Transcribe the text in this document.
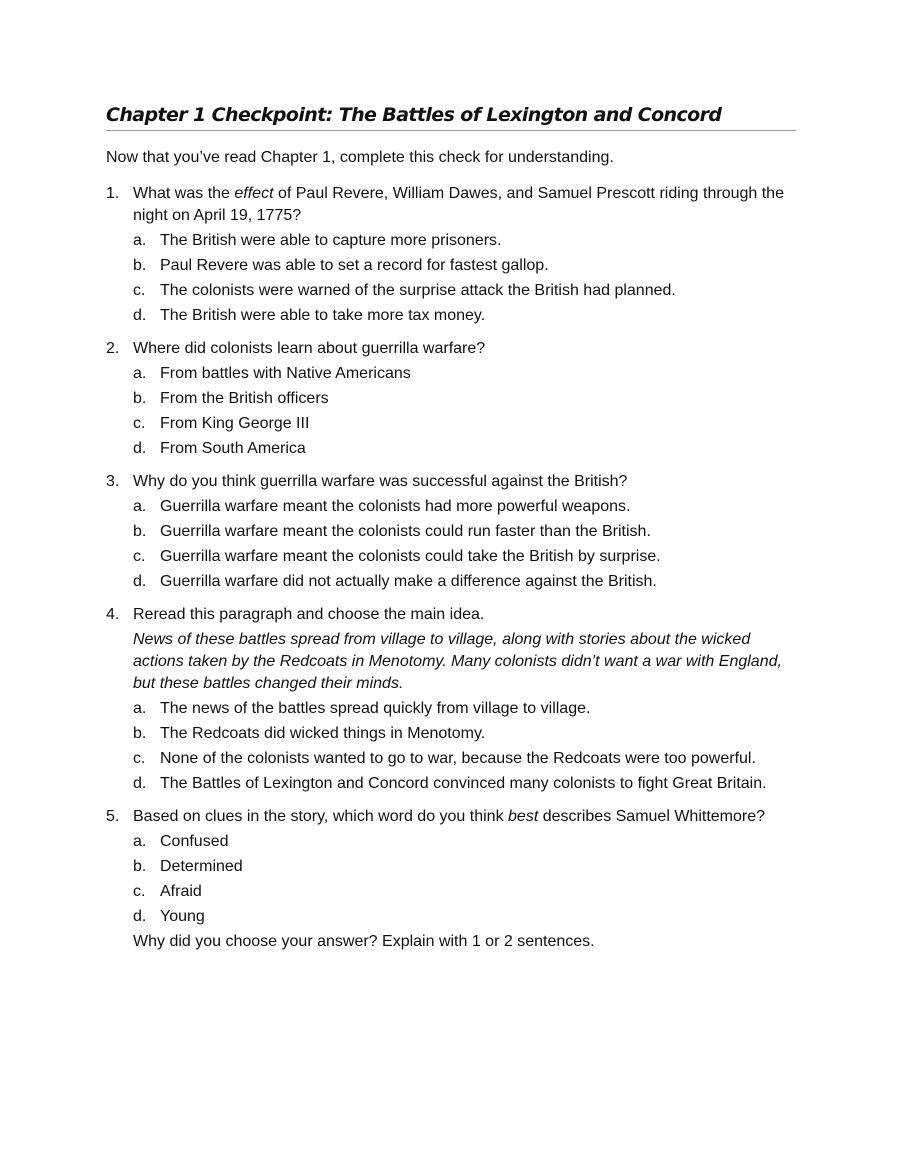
Chapter 1 Checkpoint: The Battles of Lexington and Concord
Now that you’ve read Chapter 1, complete this check for understanding.
1. What was the effect of Paul Revere, William Dawes, and Samuel Prescott riding through the night on April 19, 1775?
a. The British were able to capture more prisoners.
b. Paul Revere was able to set a record for fastest gallop.
c. The colonists were warned of the surprise attack the British had planned.
d. The British were able to take more tax money.
2. Where did colonists learn about guerrilla warfare?
a. From battles with Native Americans
b. From the British officers
c. From King George III
d. From South America
3. Why do you think guerrilla warfare was successful against the British?
a. Guerrilla warfare meant the colonists had more powerful weapons.
b. Guerrilla warfare meant the colonists could run faster than the British.
c. Guerrilla warfare meant the colonists could take the British by surprise.
d. Guerrilla warfare did not actually make a difference against the British.
4. Reread this paragraph and choose the main idea.
News of these battles spread from village to village, along with stories about the wicked actions taken by the Redcoats in Menotomy. Many colonists didn’t want a war with England, but these battles changed their minds.
a. The news of the battles spread quickly from village to village.
b. The Redcoats did wicked things in Menotomy.
c. None of the colonists wanted to go to war, because the Redcoats were too powerful.
d. The Battles of Lexington and Concord convinced many colonists to fight Great Britain.
5. Based on clues in the story, which word do you think best describes Samuel Whittemore?
a. Confused
b. Determined
c. Afraid
d. Young
Why did you choose your answer? Explain with 1 or 2 sentences.
